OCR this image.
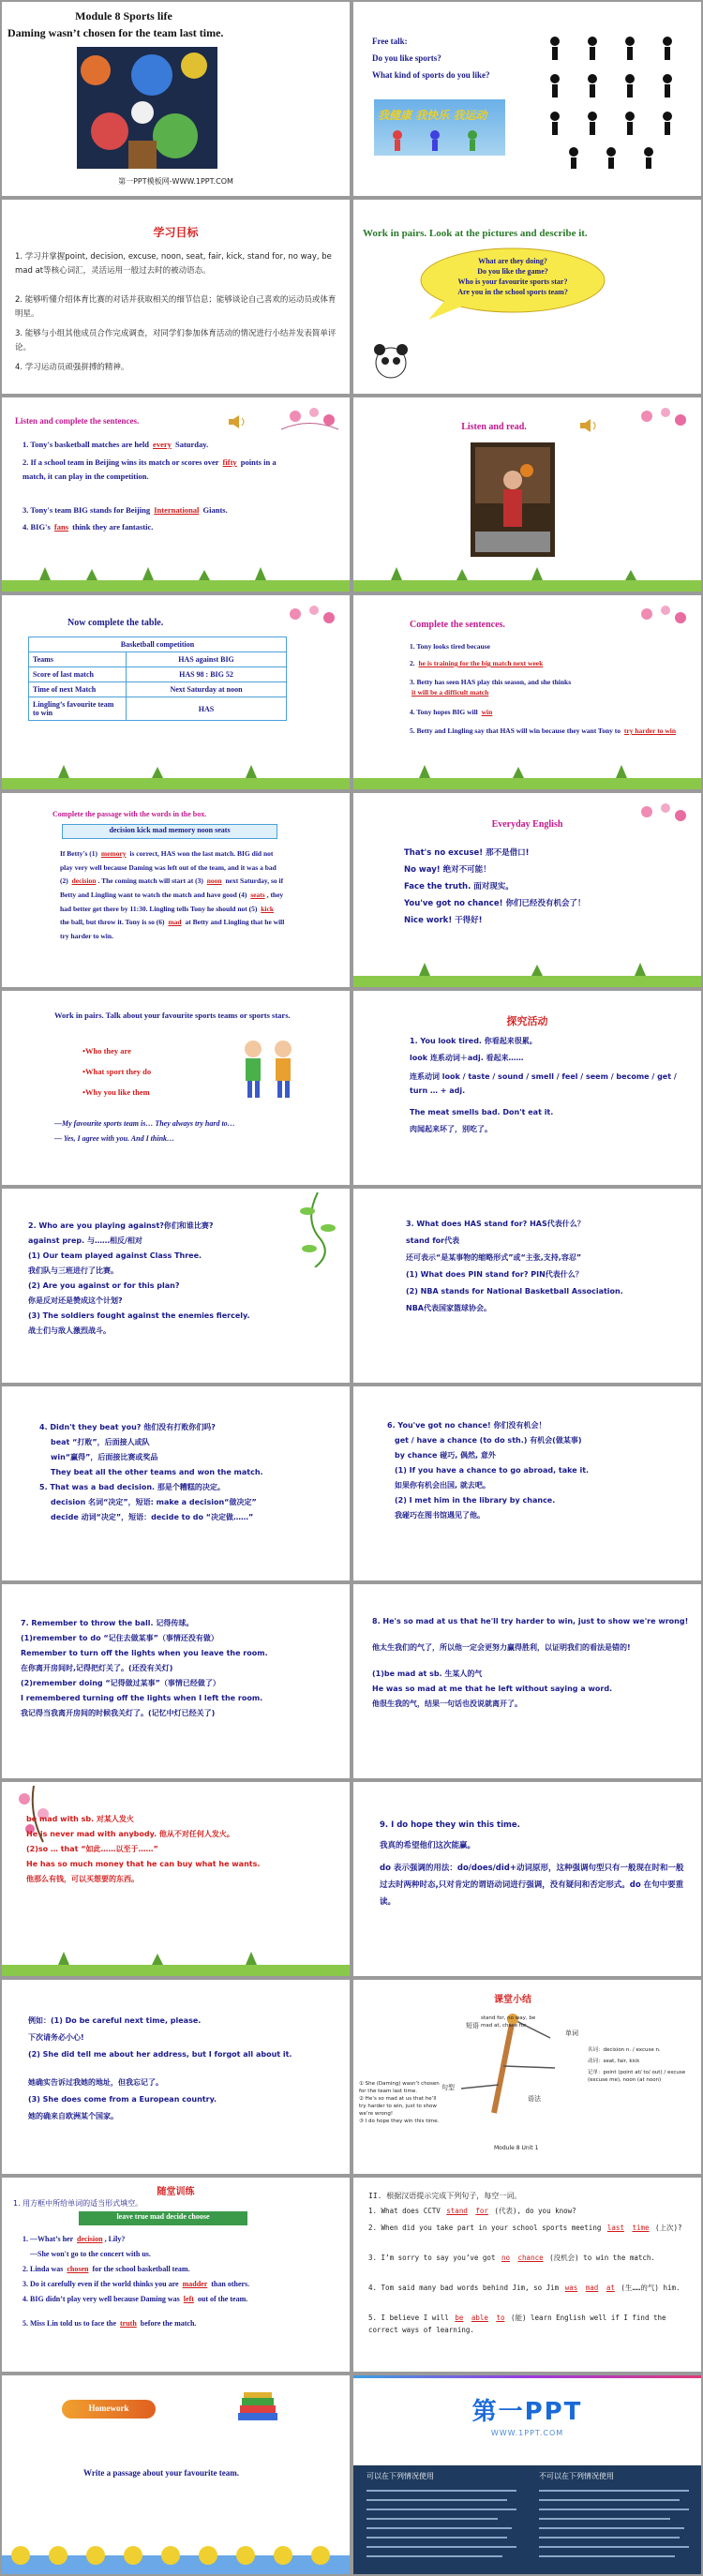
Module 8 Sports life
Daming wasn’t chosen for the team last time.
第一PPT模板网-WWW.1PPT.COM
Free talk:
Do you like sports?
What kind of sports do you like?
我健康 我快乐 我运动
学习目标
1. 学习并掌握point, decision, excuse, noon, seat, fair, kick, stand for, no way, be mad at等核心词汇，灵活运用一般过去时的被动语态。
2. 能够听懂介绍体育比赛的对话并获取相关的细节信息；能够谈论自己喜欢的运动员或体育明星。
3. 能够与小组其他成员合作完成调查，对同学们参加体育活动的情况进行小结并发表简单评论。
4. 学习运动员顽强拼搏的精神。
Work in pairs. Look at the pictures and describe it.
What are they doing?
Do you like the game?
Who is your favourite sports star?
Are you in the school sports team?
Listen and complete the sentences.
1. Tony's basketball matches are held every Saturday.
2. If a school team in Beijing wins its match or scores over fifty points in a match, it can play in the competition.
3. Tony's team BIG stands for Beijing International Giants.
4. BIG's fans think they are fantastic.
Listen and read.
Now complete the table.
Basketball competition	
Teams	HAS against BIG
Score of last match	HAS 98 : BIG 52
Time of next Match	Next Saturday at noon
Lingling’s favourite team to win	HAS
Complete the sentences.
1. Tony looks tired because
2. he is training for the big match next week
3. Betty has seen HAS play this season, and she thinks
it will be a difficult match
4. Tony hopes BIG will win
5. Betty and Lingling say that HAS will win because they want Tony to try harder to win
Complete the passage with the words in the box.
decision kick mad memory noon seats
If Betty's (1) memory is correct, HAS won the last match. BIG did not play very well because Daming was left out of the team, and it was a bad (2) decision . The coming match will start at (3) noon next Saturday, so if Betty and Lingling want to watch the match and have good (4) seats , they had better get there by 11:30. Lingling tells Tony he should not (5) kick the ball, but throw it. Tony is so (6) mad at Betty and Lingling that he will try harder to win.
Everyday English
That's no excuse! 那不是借口!
No way! 绝对不可能！
Face the truth. 面对现实。
You've got no chance! 你们已经没有机会了！
Nice work! 干得好!
Work in pairs. Talk about your favourite sports teams or sports stars.
•Who they are
•What sport they do
•Why you like them
—My favourite sports team is… They always try hard to…
— Yes, I agree with you. And I think…
探究活动
1. You look tired. 你看起来很累。
look 连系动词＋adj. 看起来……
连系动词 look / taste / sound / smell / feel / seem / become / get / turn … + adj.
The meat smells bad. Don't eat it.
肉闻起来坏了，别吃了。
2. Who are you playing against?你们和谁比赛?
against prep. 与……相反/相对
(1) Our team played against Class Three.
我们队与三班进行了比赛。
(2) Are you against or for this plan?
你是反对还是赞成这个计划?
(3) The soldiers fought against the enemies fiercely.
战士们与敌人激烈战斗。
3. What does HAS stand for? HAS代表什么？
stand for代表
还可表示“是某事物的缩略形式”或“主张,支持,容忍”
(1) What does PIN stand for? PIN代表什么？
(2) NBA stands for National Basketball Association.
NBA代表国家篮球协会。
4. Didn't they beat you? 他们没有打败你们吗?
beat “打败”，后面接人或队
win“赢得”，后面接比赛或奖品
They beat all the other teams and won the match.
5. That was a bad decision. 那是个糟糕的决定。
decision 名词“决定”，短语: make a decision“做决定”
decide 动词“决定”，短语：decide to do “决定做……”
6. You've got no chance! 你们没有机会！
get / have a chance (to do sth.) 有机会(做某事)
by chance 碰巧, 偶然, 意外
(1) If you have a chance to go abroad, take it.
如果你有机会出国, 就去吧。
(2) I met him in the library by chance.
我碰巧在图书馆遇见了他。
7. Remember to throw the ball. 记得传球。
(1)remember to do “记住去做某事”（事情还没有做）
Remember to turn off the lights when you leave the room.
在你离开房间时,记得把灯关了。(还没有关灯)
(2)remember doing “记得做过某事”（事情已经做了）
I remembered turning off the lights when I left the room.
我记得当我离开房间的时候我关灯了。(记忆中灯已经关了)
8. He's so mad at us that he'll try harder to win, just to show we're wrong!
他太生我们的气了，所以他一定会更努力赢得胜利，以证明我们的看法是错的!
(1)be mad at sb. 生某人的气
He was so mad at me that he left without saying a word.
他很生我的气，结果一句话也没说就离开了。
be mad with sb. 对某人发火
He is never mad with anybody. 他从不对任何人发火。
(2)so … that “如此……以至于……”
He has so much money that he can buy what he wants.
他那么有钱，可以买想要的东西。
9. I do hope they win this time.
我真的希望他们这次能赢。
do 表示强调的用法：do/does/did+动词原形，这种强调句型只有一般现在时和一般过去时两种时态,只对肯定的谓语动词进行强调，没有疑问和否定形式。do 在句中要重读。
例如：(1) Do be careful next time, please.
下次请务必小心!
(2) She did tell me about her address, but I forgot all about it.
她确实告诉过我她的地址，但我忘记了。
(3) She does come from a European country.
她的确来自欧洲某个国家。
课堂小结
stand for, no way, be mad at, chase for
单词
短语
句型
语法
① She (Daming) wasn’t chosen for the team last time.
② He’s so mad at us that he’ll try harder to win, just to show we’re wrong!
③ I do hope they win this time.
名词：decision n. / excuse n.
动词：seat, fair, kick
记单：point (point at/ to/ out) / excuse (excuse me), noon (at noon)
Module 8 Unit 1
随堂训练
1. 用方框中所给单词的适当形式填空。
leave true mad decide choose
1. —What’s her decision , Lily?
—She won't go to the concert with us.
2. Linda was chosen for the school basketball team.
3. Do it carefully even if the world thinks you are madder than others.
4. BIG didn’t play very well because Daming was left out of the team.
5. Miss Lin told us to face the truth before the match.
II. 根据汉语提示完成下列句子，每空一词。
1. What does CCTV stand for (代表), do you know?
2. When did you take part in your school sports meeting last time (上次)?
3. I’m sorry to say you’ve got no chance (没机会) to win the match.
4. Tom said many bad words behind Jim, so Jim was mad at (生……的气) him.
5. I believe I will be able to (能) learn English well if I find the correct ways of learning.
Homework
Write a passage about your favourite team.
第一PPT
WWW.1PPT.COM
可以在下列情况使用	不可以在下列情况使用
